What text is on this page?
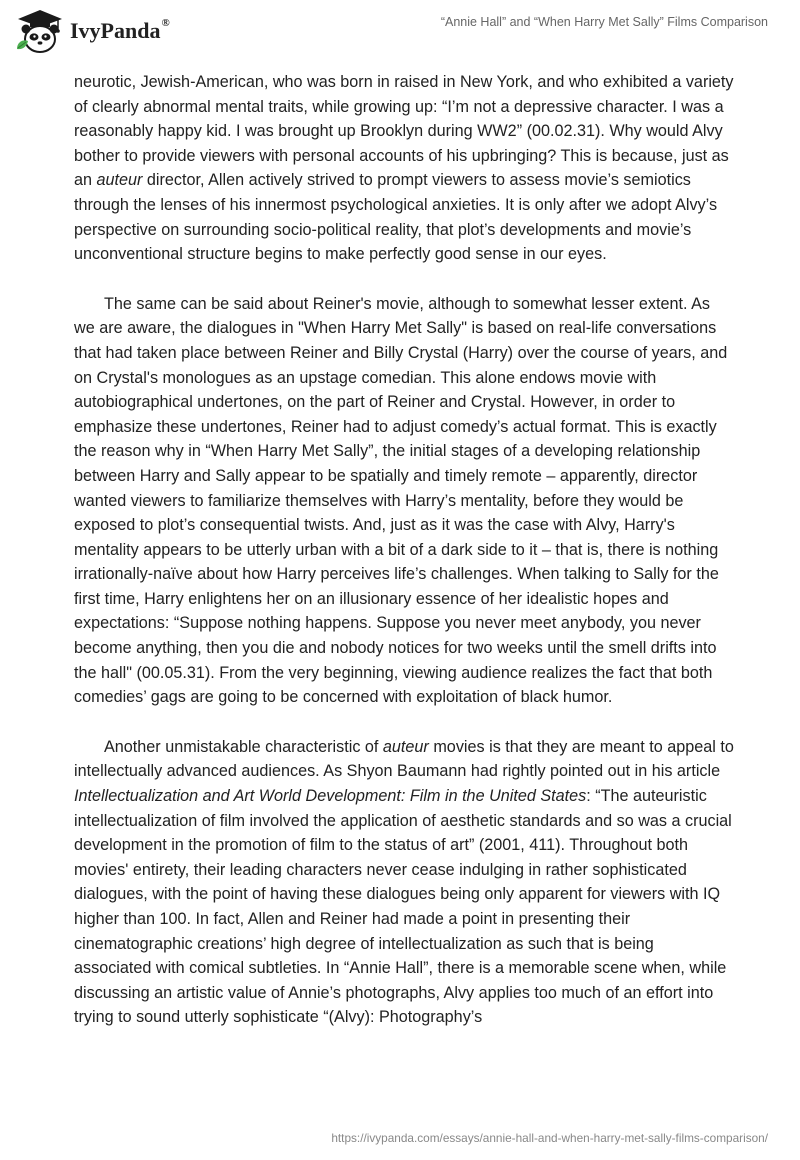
IvyPanda®	“Annie Hall” and “When Harry Met Sally” Films Comparison

neurotic, Jewish-American, who was born in raised in New York, and who exhibited a variety of clearly abnormal mental traits, while growing up: “I’m not a depressive character. I was a reasonably happy kid. I was brought up Brooklyn during WW2” (00.02.31). Why would Alvy bother to provide viewers with personal accounts of his upbringing? This is because, just as an auteur director, Allen actively strived to prompt viewers to assess movie’s semiotics through the lenses of his innermost psychological anxieties. It is only after we adopt Alvy’s perspective on surrounding socio-political reality, that plot’s developments and movie’s unconventional structure begins to make perfectly good sense in our eyes.

The same can be said about Reiner's movie, although to somewhat lesser extent. As we are aware, the dialogues in "When Harry Met Sally" is based on real-life conversations that had taken place between Reiner and Billy Crystal (Harry) over the course of years, and on Crystal's monologues as an upstage comedian. This alone endows movie with autobiographical undertones, on the part of Reiner and Crystal. However, in order to emphasize these undertones, Reiner had to adjust comedy’s actual format. This is exactly the reason why in “When Harry Met Sally”, the initial stages of a developing relationship between Harry and Sally appear to be spatially and timely remote – apparently, director wanted viewers to familiarize themselves with Harry’s mentality, before they would be exposed to plot’s consequential twists. And, just as it was the case with Alvy, Harry's mentality appears to be utterly urban with a bit of a dark side to it – that is, there is nothing irrationally-naïve about how Harry perceives life’s challenges. When talking to Sally for the first time, Harry enlightens her on an illusionary essence of her idealistic hopes and expectations: “Suppose nothing happens. Suppose you never meet anybody, you never become anything, then you die and nobody notices for two weeks until the smell drifts into the hall" (00.05.31). From the very beginning, viewing audience realizes the fact that both comedies’ gags are going to be concerned with exploitation of black humor.

Another unmistakable characteristic of auteur movies is that they are meant to appeal to intellectually advanced audiences. As Shyon Baumann had rightly pointed out in his article Intellectualization and Art World Development: Film in the United States: “The auteuristic intellectualization of film involved the application of aesthetic standards and so was a crucial development in the promotion of film to the status of art” (2001, 411). Throughout both movies' entirety, their leading characters never cease indulging in rather sophisticated dialogues, with the point of having these dialogues being only apparent for viewers with IQ higher than 100. In fact, Allen and Reiner had made a point in presenting their cinematographic creations’ high degree of intellectualization as such that is being associated with comical subtleties. In “Annie Hall”, there is a memorable scene when, while discussing an artistic value of Annie’s photographs, Alvy applies too much of an effort into trying to sound utterly sophisticate “(Alvy): Photography’s

https://ivypanda.com/essays/annie-hall-and-when-harry-met-sally-films-comparison/
